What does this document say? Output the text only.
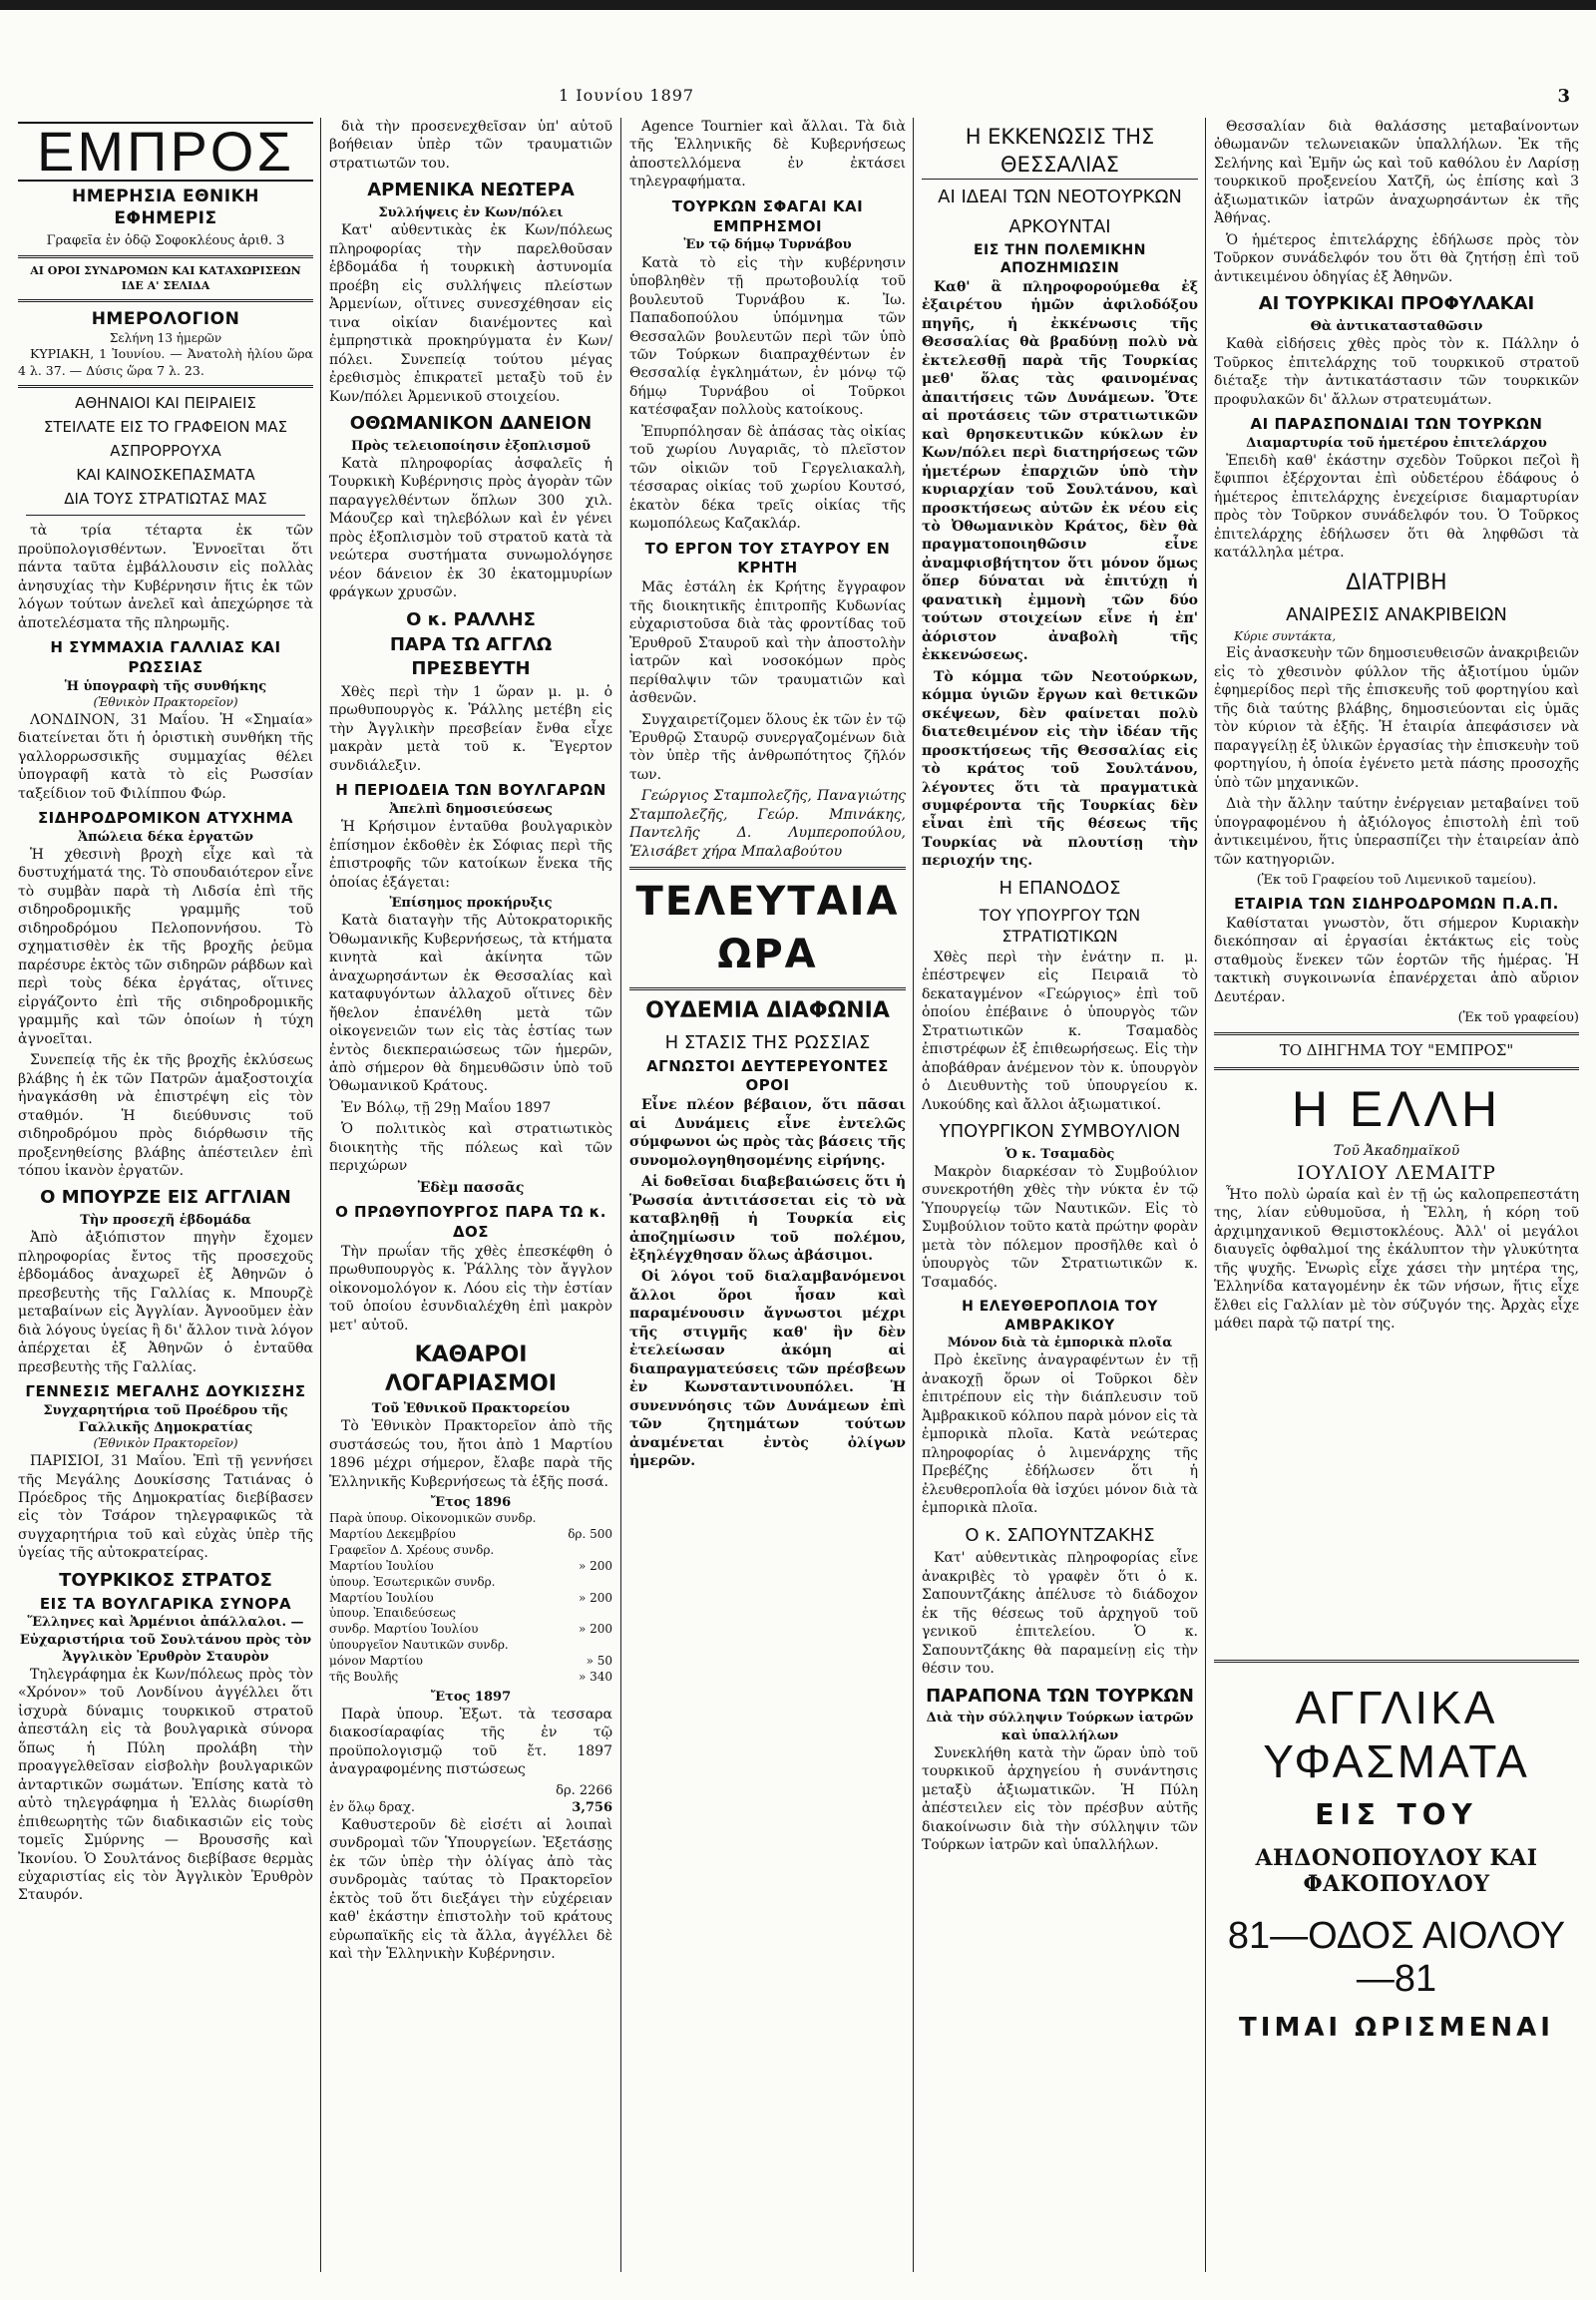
1 Ιουνίου 1897	3
ΕΜΠΡΟΣ
ΗΜΕΡΗΣΙΑ ΕΘΝΙΚΗ ΕΦΗΜΕΡΙΣ
Γραφεῖα ἐν ὁδῷ Σοφοκλέους ἀριθ. 3
ΑΙ ΟΡΟΙ ΣΥΝΔΡΟΜΩΝ ΚΑΙ ΚΑΤΑΧΩΡΙΣΕΩΝ ΙΔΕ Α' ΣΕΛΙΔΑ
ΗΜΕΡΟΛΟΓΙΟΝ
Σελήνη 13 ἡμερῶν

ΚΥΡΙΑΚΗ, 1 Ἰουνίου. — Ἀνατολὴ ἡλίου ὥρα 4 λ. 37. — Δύσις ὥρα 7 λ. 23.

ΑΘΗΝΑΙΟΙ ΚΑΙ ΠΕΙΡΑΙΕΙΣ
ΣΤΕΙΛΑΤΕ ΕΙΣ ΤΟ ΓΡΑΦΕΙΟΝ ΜΑΣ
ΑΣΠΡΟΡΡΟΥΧΑ
ΚΑΙ ΚΑΙΝΟΣΚΕΠΑΣΜΑΤΑ
ΔΙΑ ΤΟΥΣ ΣΤΡΑΤΙΩΤΑΣ ΜΑΣ

τὰ τρία τέταρτα ἐκ τῶν προϋπολογισθέντων. Ἐννοεῖται ὅτι πάντα ταῦτα ἐμβάλλουσιν εἰς πολλὰς ἀνησυχίας τὴν Κυβέρνησιν ἥτις ἐκ τῶν λόγων τούτων ἀνελεῖ καὶ ἀπεχώρησε τὰ ἀποτελέσματα τῆς πληρωμῆς.

Η ΣΥΜΜΑΧΙΑ ΓΑΛΛΙΑΣ ΚΑΙ ΡΩΣΣΙΑΣ
Ἡ ὑπογραφὴ τῆς συνθήκης
(Ἐθνικὸν Πρακτορεῖον)

ΛΟΝΔΙΝΟΝ, 31 Μαΐου. Ἡ «Σημαία» διατείνεται ὅτι ἡ ὁριστικὴ συνθήκη τῆς γαλλορρωσσικῆς συμμαχίας θέλει ὑπογραφῆ κατὰ τὸ εἰς Ρωσσίαν ταξείδιον τοῦ Φιλίππου Φώρ.

ΣΙΔΗΡΟΔΡΟΜΙΚΟΝ ΑΤΥΧΗΜΑ
Ἀπώλεια δέκα ἐργατῶν

Ἡ χθεσινὴ βροχὴ εἶχε καὶ τὰ δυστυχήματά της. Τὸ σπουδαιότερον εἶνε τὸ συμβὰν παρὰ τὴ Λιδσία ἐπὶ τῆς σιδηροδρομικῆς γραμμῆς τοῦ σιδηροδρόμου Πελοποννήσου. Τὸ σχηματισθὲν ἐκ τῆς βροχῆς ῥεῦμα παρέσυρε ἐκτὸς τῶν σιδηρῶν ράβδων καὶ περὶ τοὺς δέκα ἐργάτας, οἵτινες εἰργάζοντο ἐπὶ τῆς σιδηροδρομικῆς γραμμῆς καὶ τῶν ὁποίων ἡ τύχη ἀγνοεῖται.

Συνεπείᾳ τῆς ἐκ τῆς βροχῆς ἐκλύσεως βλάβης ἡ ἐκ τῶν Πατρῶν ἁμαξοστοιχία ἠναγκάσθη νὰ ἐπιστρέψη εἰς τὸν σταθμόν. Ἡ διεύθυνσις τοῦ σιδηροδρόμου πρὸς διόρθωσιν τῆς προξενηθείσης βλάβης ἀπέστειλεν ἐπὶ τόπου ἱκανὸν ἐργατῶν.

Ο ΜΠΟΥΡΖΕ ΕΙΣ ΑΓΓΛΙΑΝ
Τὴν προσεχῆ ἑβδομάδα

Ἀπὸ ἀξιόπιστον πηγὴν ἔχομεν πληροφορίας ἔντος τῆς προσεχοῦς ἑβδομάδος ἀναχωρεῖ ἐξ Ἀθηνῶν ὁ πρεσβευτὴς τῆς Γαλλίας κ. Μπουρζὲ μεταβαίνων εἰς Ἀγγλίαν. Ἀγνοοῦμεν ἐὰν διὰ λόγους ὑγείας ἢ δι' ἄλλον τινὰ λόγον ἀπέρχεται ἐξ Ἀθηνῶν ὁ ἐνταῦθα πρεσβευτὴς τῆς Γαλλίας.

ΓΕΝΝΕΣΙΣ ΜΕΓΑΛΗΣ ΔΟΥΚΙΣΣΗΣ
Συγχαρητήρια τοῦ Προέδρου τῆς Γαλλικῆς Δημοκρατίας
(Ἐθνικὸν Πρακτορεῖον)

ΠΑΡΙΣΙΟΙ, 31 Μαΐου. Ἐπὶ τῇ γεννήσει τῆς Μεγάλης Δουκίσσης Τατιάνας ὁ Πρόεδρος τῆς Δημοκρατίας διεβίβασεν εἰς τὸν Τσάρον τηλεγραφικῶς τὰ συγχαρητήρια τοῦ καὶ εὐχὰς ὑπὲρ τῆς ὑγείας τῆς αὐτοκρατείρας.

ΤΟΥΡΚΙΚΟΣ ΣΤΡΑΤΟΣ
ΕΙΣ ΤΑ ΒΟΥΛΓΑΡΙΚΑ ΣΥΝΟΡΑ
Ἕλληνες καὶ Ἀρμένιοι ἀπάλλαλοι. — Εὐχαριστήρια τοῦ Σουλτάνου πρὸς τὸν Ἀγγλικὸν Ἐρυθρὸν Σταυρὸν

Τηλεγράφημα ἐκ Κων/πόλεως πρὸς τὸν «Χρόνον» τοῦ Λονδίνου ἀγγέλλει ὅτι ἰσχυρὰ δύναμις τουρκικοῦ στρατοῦ ἀπεστάλη εἰς τὰ βουλγαρικὰ σύνορα ὅπως ἡ Πύλη προλάβη τὴν προαγγελθεῖσαν εἰσβολὴν βουλγαρικῶν ἀνταρτικῶν σωμάτων. Ἐπίσης κατὰ τὸ αὐτὸ τηλεγράφημα ἡ Ἑλλὰς διωρίσθη ἐπιθεωρητὴς τῶν διαδικασιῶν εἰς τοὺς τομεῖς Σμύρνης — Βρουσσῆς καὶ Ἰκονίου. Ὁ Σουλτάνος διεβίβασε θερμὰς εὐχαριστίας εἰς τὸν Ἀγγλικὸν Ἐρυθρὸν Σταυρόν.

διὰ τὴν προσενεχθεῖσαν ὑπ' αὐτοῦ βοήθειαν ὑπὲρ τῶν τραυματιῶν στρατιωτῶν του.

ΑΡΜΕΝΙΚΑ ΝΕΩΤΕΡΑ
Συλλήψεις ἐν Κων/πόλει

Κατ' αὐθεντικὰς ἐκ Κων/πόλεως πληροφορίας τὴν παρελθοῦσαν ἑβδομάδα ἡ τουρκικὴ ἀστυνομία προέβη εἰς συλλήψεις πλείστων Ἀρμενίων, οἵτινες συνεσχέθησαν εἰς τινα οἰκίαν διανέμοντες καὶ ἐμπρηστικὰ προκηρύγματα ἐν Κων/πόλει. Συνεπείᾳ τούτου μέγας ἐρεθισμὸς ἐπικρατεῖ μεταξὺ τοῦ ἐν Κων/πόλει Ἀρμενικοῦ στοιχείου.

ΟΘΩΜΑΝΙΚΟΝ ΔΑΝΕΙΟΝ
Πρὸς τελειοποίησιν ἐξοπλισμοῦ

Κατὰ πληροφορίας ἀσφαλεῖς ἡ Τουρκικὴ Κυβέρνησις πρὸς ἀγορὰν τῶν παραγγελθέντων ὅπλων 300 χιλ. Μάουζερ καὶ τηλεβόλων καὶ ἐν γένει πρὸς ἐξοπλισμὸν τοῦ στρατοῦ κατὰ τὰ νεώτερα συστήματα συνωμολόγησε νέον δάνειον ἐκ 30 ἑκατομμυρίων φράγκων χρυσῶν.

Ο κ. ΡΑΛΛΗΣ
ΠΑΡΑ ΤΩ ΑΓΓΛΩ ΠΡΕΣΒΕΥΤΗ

Χθὲς περὶ τὴν 1 ὥραν μ. μ. ὁ πρωθυπουργὸς κ. Ῥάλλης μετέβη εἰς τὴν Ἀγγλικὴν πρεσβείαν ἔνθα εἶχε μακρὰν μετὰ τοῦ κ. Ἔγερτον συνδιάλεξιν.

Η ΠΕΡΙΟΔΕΙΑ ΤΩΝ ΒΟΥΛΓΑΡΩΝ
Ἀπελπὶ δημοσιεύσεως

Ἡ Κρήσιμον ἐνταῦθα βουλγαρικὸν ἐπίσημον ἐκδοθὲν ἐκ Σόφιας περὶ τῆς ἐπιστροφῆς τῶν κατοίκων ἕνεκα τῆς ὁποίας ἐξάγεται:

Ἐπίσημος προκήρυξις

Κατὰ διαταγὴν τῆς Αὐτοκρατορικῆς Ὀθωμανικῆς Κυβερνήσεως, τὰ κτήματα κινητὰ καὶ ἀκίνητα τῶν ἀναχωρησάντων ἐκ Θεσσαλίας καὶ καταφυγόντων ἀλλαχοῦ οἵτινες δὲν ἤθελον ἐπανέλθη μετὰ τῶν οἰκογενειῶν των εἰς τὰς ἑστίας των ἐντὸς διεκπεραιώσεως τῶν ἡμερῶν, ἀπὸ σήμερον θὰ δημευθῶσιν ὑπὸ τοῦ Ὀθωμανικοῦ Κράτους.

Ἐν Βόλῳ, τῇ 29ῃ Μαΐου 1897

Ὁ πολιτικὸς καὶ στρατιωτικὸς διοικητὴς τῆς πόλεως καὶ τῶν περιχώρων

Ἐδὲμ πασσᾶς
Ο ΠΡΩΘΥΠΟΥΡΓΟΣ ΠΑΡΑ ΤΩ κ. ΔΟΣ

Τὴν πρωΐαν τῆς χθὲς ἐπεσκέφθη ὁ πρωθυπουργὸς κ. Ῥάλλης τὸν ἄγγλον οἰκονομολόγον κ. Λόου εἰς τὴν ἑστίαν τοῦ ὁποίου ἐσυνδιαλέχθη ἐπὶ μακρὸν μετ' αὐτοῦ.

ΚΑΘΑΡΟΙ ΛΟΓΑΡΙΑΣΜΟΙ
Τοῦ Ἐθνικοῦ Πρακτορείου

Τὸ Ἐθνικὸν Πρακτορεῖον ἀπὸ τῆς συστάσεώς του, ἤτοι ἀπὸ 1 Μαρτίου 1896 μέχρι σήμερον, ἔλαβε παρὰ τῆς Ἑλληνικῆς Κυβερνήσεως τὰ ἑξῆς ποσά.

Ἔτος 1896
Παρὰ ὑπουρ. Οἰκονομικῶν συνδρ.
Μαρτίου Δεκεμβρίου	δρ. 500
Γραφεῖον Δ. Χρέους συνδρ.
Μαρτίου Ἰουλίου	» 200
ὑπουρ. Ἐσωτερικῶν συνδρ.
Μαρτίου Ἰουλίου	» 200
ὑπουρ. Ἐπαιδεύσεως
συνδρ. Μαρτίου Ἰουλίου	» 200
ὑπουργεῖον Ναυτικῶν συνδρ.
μόνον Μαρτίου	» 50
τῆς Βουλῆς	» 340
Ἔτος 1897

Παρὰ ὑπουρ. Ἐξωτ. τὰ τεσσαρα διακοσίαραφίας τῆς ἐν τῷ προϋπολογισμῷ τοῦ ἔτ. 1897 ἀναγραφομένης πιστώσεως

δρ. 2266
ἐν ὅλῳ δραχ.	3,756

Καθυστεροῦν δὲ εἰσέτι αἱ λοιπαὶ συνδρομαὶ τῶν Ὑπουργείων. Ἐξετάσῃς ἐκ τῶν ὑπὲρ τὴν ὁλίγας ἀπὸ τὰς συνδρομὰς ταύτας τὸ Πρακτορεῖον ἐκτὸς τοῦ ὅτι διεξάγει τὴν εὐχέρειαν καθ' ἑκάστην ἐπιστολὴν τοῦ κράτους εὐρωπαϊκῆς εἰς τὰ ἄλλα, ἀγγέλλει δὲ καὶ τὴν Ἑλληνικὴν Κυβέρνησιν.

Agence Tournier καὶ ἄλλαι. Τὰ διὰ τῆς Ἑλληνικῆς δὲ Κυβερνήσεως ἀποστελλόμενα ἐν ἐκτάσει τηλεγραφήματα.

ΤΟΥΡΚΩΝ ΣΦΑΓΑΙ ΚΑΙ ΕΜΠΡΗΣΜΟΙ
Ἐν τῷ δήμῳ Τυρνάβου

Κατὰ τὸ εἰς τὴν κυβέρνησιν ὑποβληθὲν τῇ πρωτοβουλίᾳ τοῦ βουλευτοῦ Τυρνάβου κ. Ἰω. Παπαδοπούλου ὑπόμνημα τῶν Θεσσαλῶν βουλευτῶν περὶ τῶν ὑπὸ τῶν Τούρκων διαπραχθέντων ἐν Θεσσαλίᾳ ἐγκλημάτων, ἐν μόνῳ τῷ δήμῳ Τυρνάβου οἱ Τοῦρκοι κατέσφαξαν πολλοὺς κατοίκους.

Ἐπυρπόλησαν δὲ ἁπάσας τὰς οἰκίας τοῦ χωρίου Λυγαριᾶς, τὸ πλεῖστον τῶν οἰκιῶν τοῦ Γεργελιακαλὴ, τέσσαρας οἰκίας τοῦ χωρίου Κουτσό, ἑκατὸν δέκα τρεῖς οἰκίας τῆς κωμοπόλεως Καζακλάρ.

ΤΟ ΕΡΓΟΝ ΤΟΥ ΣΤΑΥΡΟΥ ΕΝ ΚΡΗΤΗ

Μᾶς ἐστάλη ἐκ Κρήτης ἔγγραφον τῆς διοικητικῆς ἐπιτροπῆς Κυδωνίας εὐχαριστοῦσα διὰ τὰς φροντίδας τοῦ Ἐρυθροῦ Σταυροῦ καὶ τὴν ἀποστολὴν ἰατρῶν καὶ νοσοκόμων πρὸς περίθαλψιν τῶν τραυματιῶν καὶ ἀσθενῶν.

Συγχαιρετίζομεν ὅλους ἐκ τῶν ἐν τῷ Ἐρυθρῷ Σταυρῷ συνεργαζομένων διὰ τὸν ὑπὲρ τῆς ἀνθρωπότητος ζῆλόν των.

Γεώργιος Σταμπολεζῆς, Παναγιώτης Σταμπολεζῆς, Γεώρ. Μπινάκης, Παντελῆς Δ. Λυμπεροπούλου, Ἐλισάβετ χήρα Μπαλαβούτου

ΤΕΛΕΥΤΑΙΑ ΩΡΑ
ΟΥΔΕΜΙΑ ΔΙΑΦΩΝΙΑ
Η ΣΤΑΣΙΣ ΤΗΣ ΡΩΣΣΙΑΣ
ΑΓΝΩΣΤΟΙ ΔΕΥΤΕΡΕΥΟΝΤΕΣ ΟΡΟΙ

Εἶνε πλέον βέβαιον, ὅτι πᾶσαι αἱ Δυνάμεις εἶνε ἐντελῶς σύμφωνοι ὡς πρὸς τὰς βάσεις τῆς συνομολογηθησομένης εἰρήνης.

Αἱ δοθεῖσαι διαβεβαιώσεις ὅτι ἡ Ῥωσσία ἀντιτάσσεται εἰς τὸ νὰ καταβληθῇ ἡ Τουρκία εἰς ἀποζημίωσιν τοῦ πολέμου, ἐξηλέγχθησαν ὅλως ἀβάσιμοι.

Οἱ λόγοι τοῦ διαλαμβανόμενοι ἄλλοι ὅροι ἦσαν καὶ παραμένουσιν ἄγνωστοι μέχρι τῆς στιγμῆς καθ' ἣν δὲν ἐτελείωσαν ἀκόμη αἱ διαπραγματεύσεις τῶν πρέσβεων ἐν Κωνσταντινουπόλει. Ἡ συνεννόησις τῶν Δυνάμεων ἐπὶ τῶν ζητημάτων τούτων ἀναμένεται ἐντὸς ὀλίγων ἡμερῶν.

Η ΕΚΚΕΝΩΣΙΣ ΤΗΣ ΘΕΣΣΑΛΙΑΣ
ΑΙ ΙΔΕΑΙ ΤΩΝ ΝΕΟΤΟΥΡΚΩΝ
ΑΡΚΟΥΝΤΑΙ
ΕΙΣ ΤΗΝ ΠΟΛΕΜΙΚΗΝ ΑΠΟΖΗΜΙΩΣΙΝ

Καθ' ἃ πληροφορούμεθα ἐξ ἐξαιρέτου ἡμῶν ἀφιλοδόξου πηγῆς, ἡ ἐκκένωσις τῆς Θεσσαλίας θὰ βραδύνῃ πολὺ νὰ ἐκτελεσθῇ παρὰ τῆς Τουρκίας μεθ' ὅλας τὰς φαινομένας ἀπαιτήσεις τῶν Δυνάμεων. Ὅτε αἱ προτάσεις τῶν στρατιωτικῶν καὶ θρησκευτικῶν κύκλων ἐν Κων/πόλει περὶ διατηρήσεως τῶν ἡμετέρων ἐπαρχιῶν ὑπὸ τὴν κυριαρχίαν τοῦ Σουλτάνου, καὶ προσκτήσεως αὐτῶν ἐκ νέου εἰς τὸ Ὀθωμανικὸν Κράτος, δὲν θὰ πραγματοποιηθῶσιν εἶνε ἀναμφισβήτητον ὅτι μόνον ὅμως ὅπερ δύναται νὰ ἐπιτύχῃ ἡ φανατικὴ ἐμμονὴ τῶν δύο τούτων στοιχείων εἶνε ἡ ἐπ' ἀόριστον ἀναβολὴ τῆς ἐκκενώσεως.

Τὸ κόμμα τῶν Νεοτούρκων, κόμμα ὑγιῶν ἔργων καὶ θετικῶν σκέψεων, δὲν φαίνεται πολὺ διατεθειμένον εἰς τὴν ἰδέαν τῆς προσκτήσεως τῆς Θεσσαλίας εἰς τὸ κράτος τοῦ Σουλτάνου, λέγοντες ὅτι τὰ πραγματικὰ συμφέροντα τῆς Τουρκίας δὲν εἶναι ἐπὶ τῆς θέσεως τῆς Τουρκίας νὰ πλουτίσῃ τὴν περιοχήν της.

Η ΕΠΑΝΟΔΟΣ
ΤΟΥ ΥΠΟΥΡΓΟΥ ΤΩΝ ΣΤΡΑΤΙΩΤΙΚΩΝ

Χθὲς περὶ τὴν ἐνάτην π. μ. ἐπέστρεψεν εἰς Πειραιᾶ τὸ δεκαταγμένον «Γεώργιος» ἐπὶ τοῦ ὁποίου ἐπέβαινε ὁ ὑπουργὸς τῶν Στρατιωτικῶν κ. Τσαμαδὸς ἐπιστρέφων ἐξ ἐπιθεωρήσεως. Εἰς τὴν ἀποβάθραν ἀνέμενον τὸν κ. ὑπουργὸν ὁ Διευθυντὴς τοῦ ὑπουργείου κ. Λυκούδης καὶ ἄλλοι ἀξιωματικοί.

ΥΠΟΥΡΓΙΚΟΝ ΣΥΜΒΟΥΛΙΟΝ
Ὁ κ. Τσαμαδὸς

Μακρὸν διαρκέσαν τὸ Συμβούλιον συνεκροτήθη χθὲς τὴν νύκτα ἐν τῷ Ὑπουργείῳ τῶν Ναυτικῶν. Εἰς τὸ Συμβούλιον τοῦτο κατὰ πρώτην φορὰν μετὰ τὸν πόλεμον προσῆλθε καὶ ὁ ὑπουργὸς τῶν Στρατιωτικῶν κ. Τσαμαδός.

Η ΕΛΕΥΘΕΡΟΠΛΟΙΑ ΤΟΥ ΑΜΒΡΑΚΙΚΟΥ
Μόνον διὰ τὰ ἐμπορικὰ πλοῖα

Πρὸ ἐκεῖνης ἀναγραφέντων ἐν τῇ ἀνακοχῇ ὅρων οἱ Τοῦρκοι δὲν ἐπιτρέπουν εἰς τὴν διάπλευσιν τοῦ Ἀμβρακικοῦ κόλπου παρὰ μόνον εἰς τὰ ἐμπορικὰ πλοῖα. Κατὰ νεώτερας πληροφορίας ὁ λιμενάρχης τῆς Πρεβέζης ἐδήλωσεν ὅτι ἡ ἐλευθεροπλοΐα θὰ ἰσχύει μόνον διὰ τὰ ἐμπορικὰ πλοῖα.

Ο κ. ΣΑΠΟΥΝΤΖΑΚΗΣ

Κατ' αὐθεντικὰς πληροφορίας εἶνε ἀνακριβὲς τὸ γραφὲν ὅτι ὁ κ. Σαπουντζάκης ἀπέλυσε τὸ διάδοχον ἐκ τῆς θέσεως τοῦ ἀρχηγοῦ τοῦ γενικοῦ ἐπιτελείου. Ὁ κ. Σαπουντζάκης θὰ παραμείνῃ εἰς τὴν θέσιν του.

ΠΑΡΑΠΟΝΑ ΤΩΝ ΤΟΥΡΚΩΝ
Διὰ τὴν σύλληψιν Τούρκων ἰατρῶν καὶ ὑπαλλήλων

Συνεκλήθη κατὰ τὴν ὥραν ὑπὸ τοῦ τουρκικοῦ ἀρχηγείου ἡ συνάντησις μεταξὺ ἀξιωματικῶν. Ἡ Πύλη ἀπέστειλεν εἰς τὸν πρέσβυν αὐτῆς διακοίνωσιν διὰ τὴν σύλληψιν τῶν Τούρκων ἰατρῶν καὶ ὑπαλλήλων.

Θεσσαλίαν διὰ θαλάσσης μεταβαίνοντων ὀθωμανῶν τελωνειακῶν ὑπαλλήλων. Ἐκ τῆς Σελήνης καὶ Ἐμῆν ὡς καὶ τοῦ καθόλου ἐν Λαρίσῃ τουρκικοῦ προξενείου Χατζῆ, ὡς ἐπίσης καὶ 3 ἀξιωματικῶν ἰατρῶν ἀναχωρησάντων ἐκ τῆς Ἀθήνας.

Ὁ ἡμέτερος ἐπιτελάρχης ἐδήλωσε πρὸς τὸν Τοῦρκον συνάδελφόν του ὅτι θὰ ζητήσῃ ἐπὶ τοῦ ἀντικειμένου ὁδηγίας ἐξ Ἀθηνῶν.

ΑΙ ΤΟΥΡΚΙΚΑΙ ΠΡΟΦΥΛΑΚΑΙ
Θὰ ἀντικατασταθῶσιν

Καθὰ εἰδήσεις χθὲς πρὸς τὸν κ. Πάλλην ὁ Τοῦρκος ἐπιτελάρχης τοῦ τουρκικοῦ στρατοῦ διέταξε τὴν ἀντικατάστασιν τῶν τουρκικῶν προφυλακῶν δι' ἄλλων στρατευμάτων.

ΑΙ ΠΑΡΑΣΠΟΝΔΙΑΙ ΤΩΝ ΤΟΥΡΚΩΝ
Διαμαρτυρία τοῦ ἡμετέρου ἐπιτελάρχου

Ἐπειδὴ καθ' ἑκάστην σχεδὸν Τοῦρκοι πεζοὶ ἢ ἔφιπποι ἐξέρχονται ἐπὶ οὐδετέρου ἐδάφους ὁ ἡμέτερος ἐπιτελάρχης ἐνεχείρισε διαμαρτυρίαν πρὸς τὸν Τοῦρκον συνάδελφόν του. Ὁ Τοῦρκος ἐπιτελάρχης ἐδήλωσεν ὅτι θὰ ληφθῶσι τὰ κατάλληλα μέτρα.

ΔΙΑΤΡΙΒΗ
ΑΝΑΙΡΕΣΙΣ ΑΝΑΚΡΙΒΕΙΩΝ
Κύριε συντάκτα,

Εἰς ἀνασκευὴν τῶν δημοσιευθεισῶν ἀνακριβειῶν εἰς τὸ χθεσινὸν φύλλον τῆς ἀξιοτίμου ὑμῶν ἐφημερίδος περὶ τῆς ἐπισκευῆς τοῦ φορτηγίου καὶ τῆς διὰ ταύτης βλάβης, δημοσιεύονται εἰς ὑμᾶς τὸν κύριον τὰ ἑξῆς. Ἡ ἑταιρία ἀπεφάσισεν νὰ παραγγείλῃ ἐξ ὑλικῶν ἐργασίας τὴν ἐπισκευὴν τοῦ φορτηγίου, ἡ ὁποία ἐγένετο μετὰ πάσης προσοχῆς ὑπὸ τῶν μηχανικῶν.

Διὰ τὴν ἄλλην ταύτην ἐνέργειαν μεταβαίνει τοῦ ὑπογραφομένου ἡ ἀξιόλογος ἐπιστολὴ ἐπὶ τοῦ ἀντικειμένου, ἥτις ὑπερασπίζει τὴν ἑταιρείαν ἀπὸ τῶν κατηγοριῶν.

(Ἐκ τοῦ Γραφείου τοῦ Λιμενικοῦ ταμείου).
ΕΤΑΙΡΙΑ ΤΩΝ ΣΙΔΗΡΟΔΡΟΜΩΝ Π.Α.Π.

Καθίσταται γνωστὸν, ὅτι σήμερον Κυριακὴν διεκόπησαν αἱ ἐργασίαι ἐκτάκτως εἰς τοὺς σταθμοὺς ἕνεκεν τῶν ἑορτῶν τῆς ἡμέρας. Ἡ τακτικὴ συγκοινωνία ἐπανέρχεται ἀπὸ αὔριον Δευτέραν.

(Ἐκ τοῦ γραφείου)
ΤΟ ΔΙΗΓΗΜΑ ΤΟΥ "ΕΜΠΡΟΣ"
Η ΕΛΛΗ
Τοῦ Ἀκαδημαϊκοῦ
ΙΟΥΛΙΟΥ ΛΕΜΑΙΤΡ

Ἦτο πολὺ ὡραία καὶ ἐν τῇ ὡς καλοπρεπεστάτη της, λίαν εὐθυμοῦσα, ἡ Ἔλλη, ἡ κόρη τοῦ ἀρχιμηχανικοῦ Θεμιστοκλέους. Ἀλλ' οἱ μεγάλοι διαυγεῖς ὀφθαλμοί της ἐκάλυπτον τὴν γλυκύτητα τῆς ψυχῆς. Ἐνωρὶς εἶχε χάσει τὴν μητέρα της, Ἑλληνίδα καταγομένην ἐκ τῶν νήσων, ἥτις εἶχε ἔλθει εἰς Γαλλίαν μὲ τὸν σύζυγόν της. Ἀρχὰς εἶχε μάθει παρὰ τῷ πατρί της.

ΑΓΓΛΙΚΑ ΥΦΑΣΜΑΤΑ
ΕΙΣ ΤΟΥ
ΑΗΔΟΝΟΠΟΥΛΟΥ ΚΑΙ ΦΑΚΟΠΟΥΛΟΥ
81—ΟΔΟΣ ΑΙΟΛΟΥ—81
ΤΙΜΑΙ ΩΡΙΣΜΕΝΑΙ
